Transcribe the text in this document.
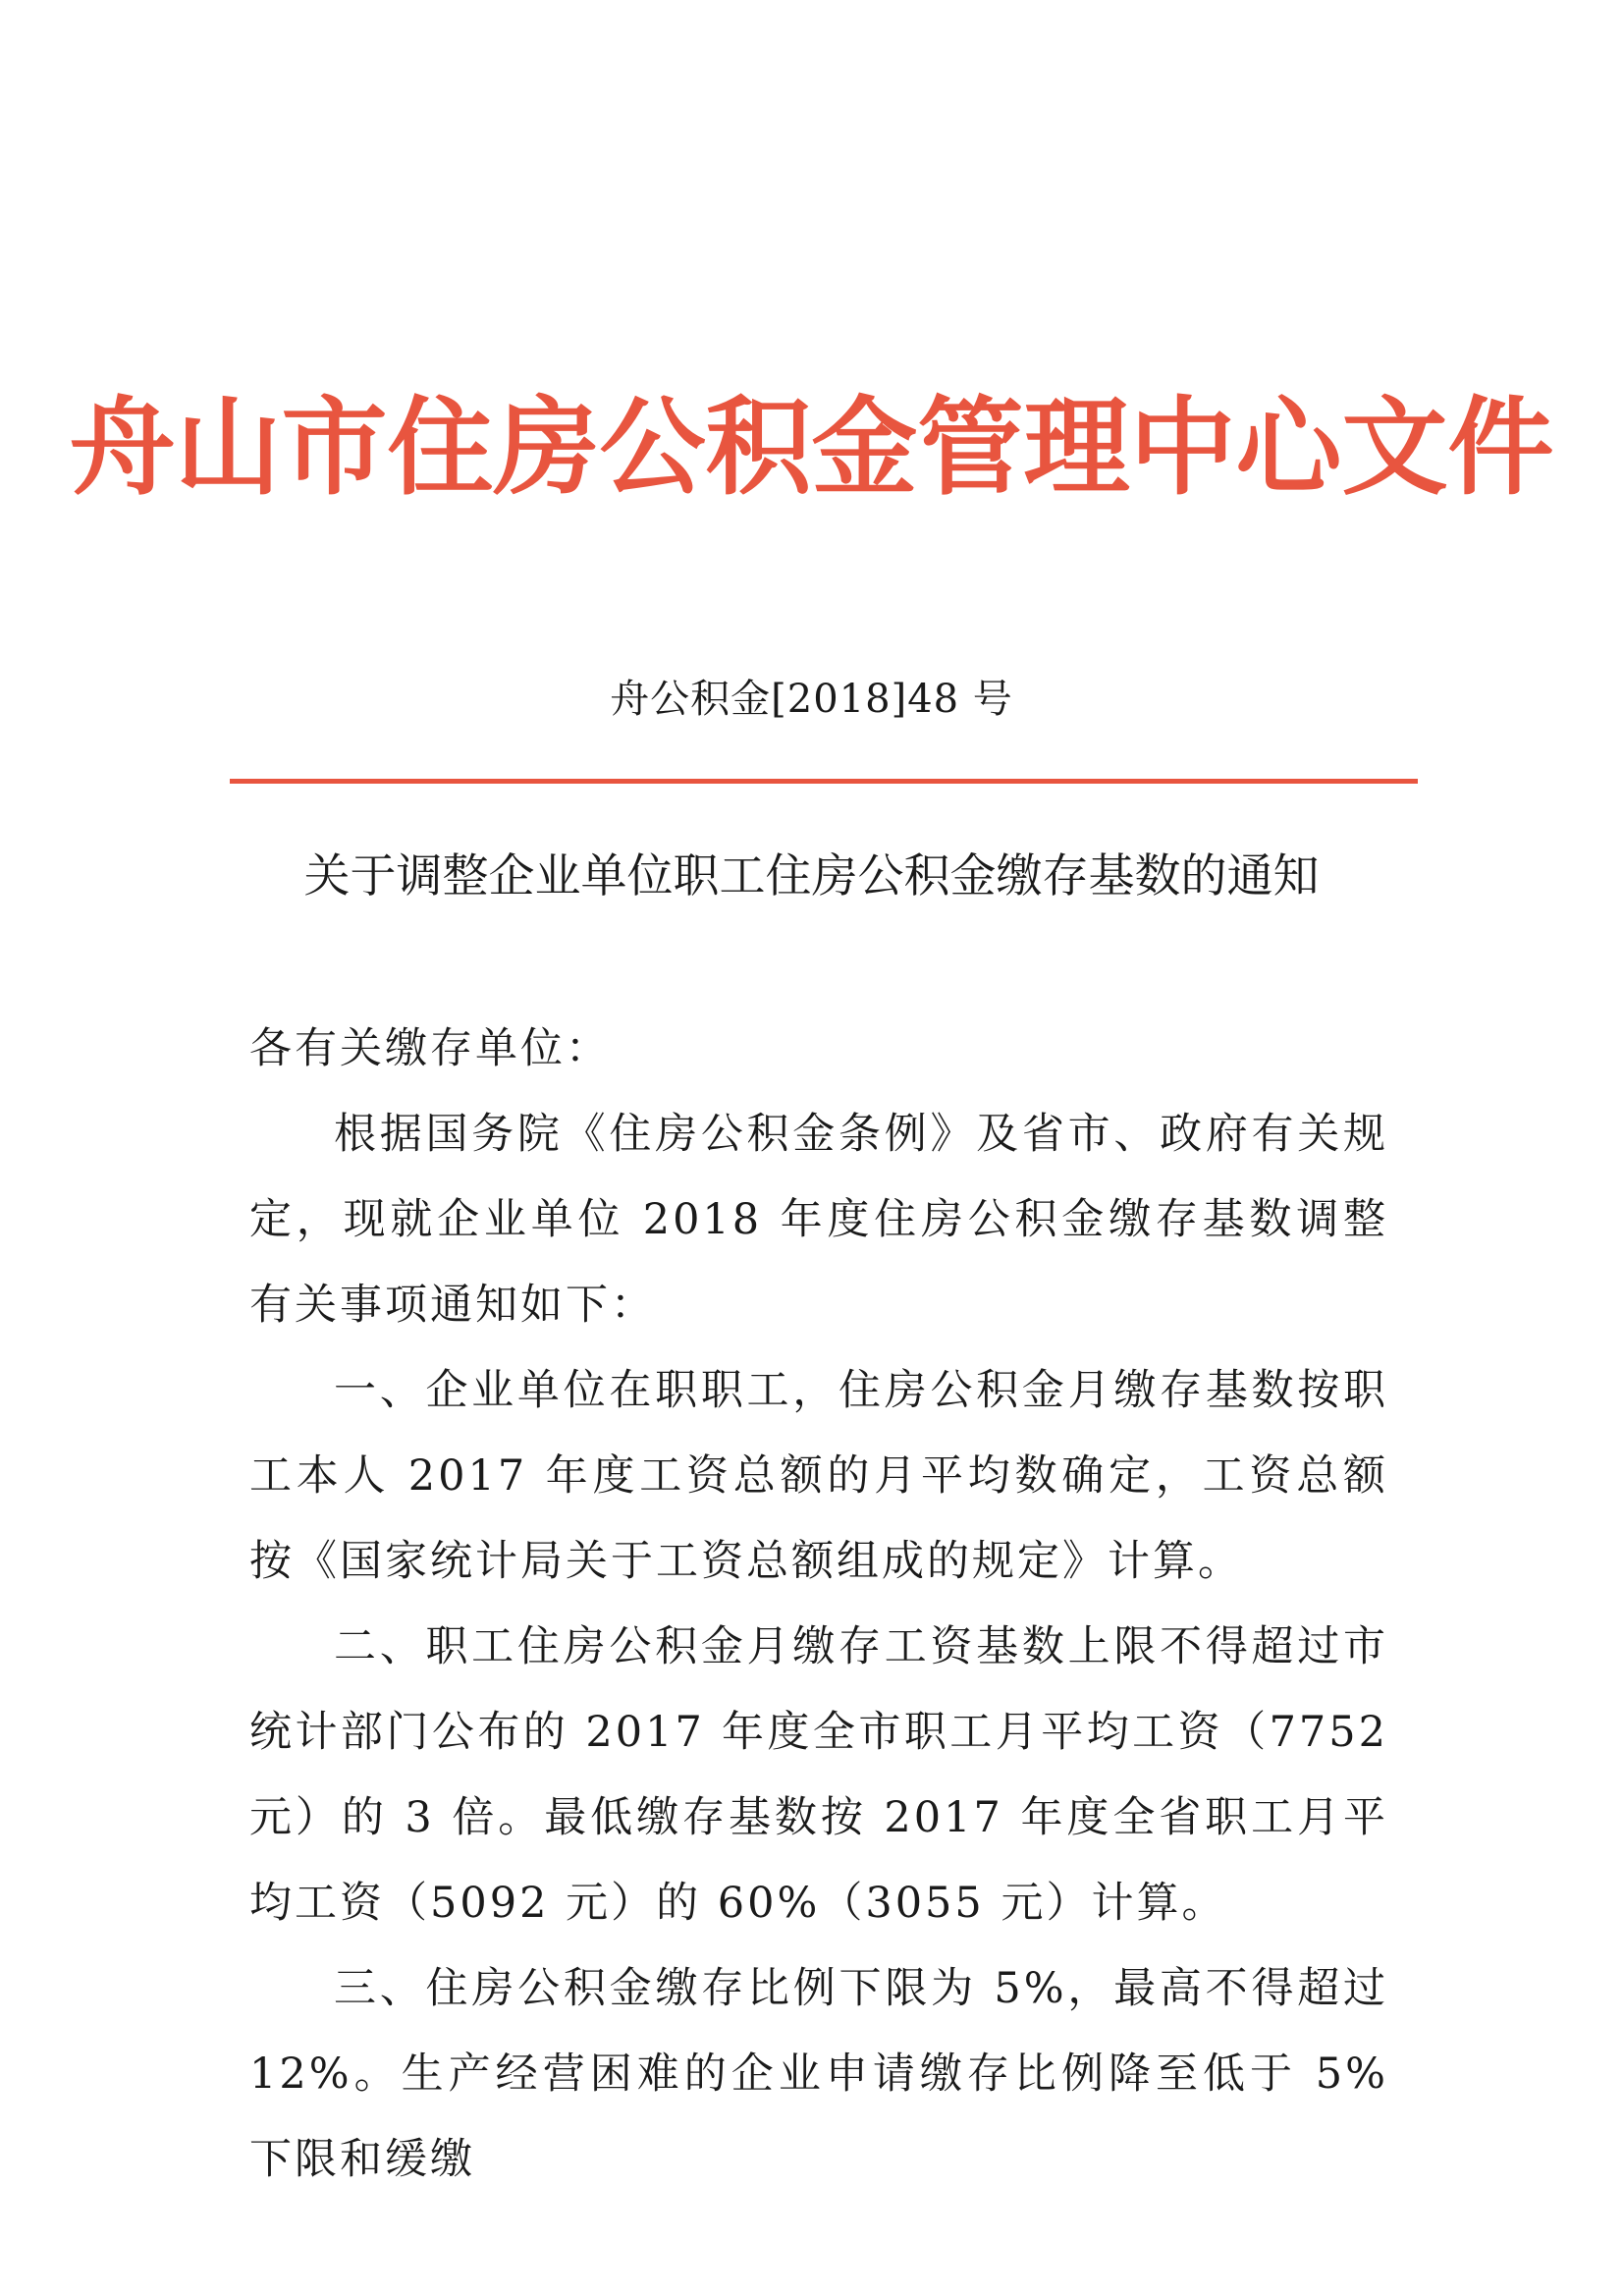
舟山市住房公积金管理中心文件
舟公积金[2018]48 号
关于调整企业单位职工住房公积金缴存基数的通知

各有关缴存单位：

根据国务院《住房公积金条例》及省市、政府有关规定，现就企业单位 2018 年度住房公积金缴存基数调整有关事项通知如下：

一、企业单位在职职工，住房公积金月缴存基数按职工本人 2017 年度工资总额的月平均数确定，工资总额按《国家统计局关于工资总额组成的规定》计算。

二、职工住房公积金月缴存工资基数上限不得超过市统计部门公布的 2017 年度全市职工月平均工资（7752 元）的 3 倍。最低缴存基数按 2017 年度全省职工月平均工资（5092 元）的 60%（3055 元）计算。

三、住房公积金缴存比例下限为 5%，最高不得超过 12%。生产经营困难的企业申请缴存比例降至低于 5%下限和缓缴
